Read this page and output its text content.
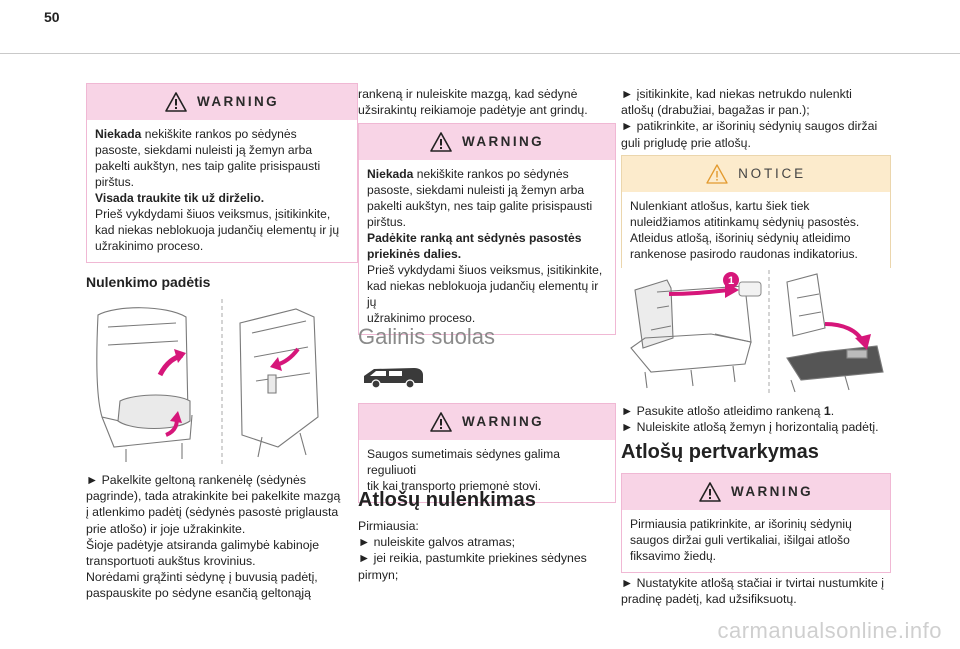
50
WARNING
Niekada nekiškite rankos po sėdynės
pasoste, siekdami nuleisti ją žemyn arba
pakelti aukštyn, nes taip galite prisispausti
pirštus.
Visada traukite tik už dirželio.
Prieš vykdydami šiuos veiksmus, įsitikinkite,
kad niekas neblokuoja judančių elementų ir jų
užrakinimo proceso.
Nulenkimo padėtis
► Pakelkite geltoną rankenėlę (sėdynės
pagrinde), tada atrakinkite bei pakelkite mazgą
į atlenkimo padėtį (sėdynės pasostė priglausta
prie atlošo) ir joje užrakinkite.
Šioje padėtyje atsiranda galimybė kabinoje
transportuoti aukštus krovinius.
Norėdami grąžinti sėdynę į buvusią padėtį,
paspauskite po sėdyne esančią geltonąją
rankeną ir nuleiskite mazgą, kad sėdynė
užsirakintų reikiamoje padėtyje ant grindų.
WARNING
Niekada nekiškite rankos po sėdynės
pasoste, siekdami nuleisti ją žemyn arba
pakelti aukštyn, nes taip galite prisispausti
pirštus.
Padėkite ranką ant sėdynės pasostės
priekinės dalies.
Prieš vykdydami šiuos veiksmus, įsitikinkite,
kad niekas neblokuoja judančių elementų ir jų
užrakinimo proceso.
Galinis suolas
WARNING
Saugos sumetimais sėdynes galima reguliuoti
tik kai transporto priemonė stovi.
Atlošų nulenkimas
Pirmiausia:
► nuleiskite galvos atramas;
► jei reikia, pastumkite priekines sėdynes
pirmyn;
► įsitikinkite, kad niekas netrukdo nulenkti
atlošų (drabužiai, bagažas ir pan.);
► patikrinkite, ar išorinių sėdynių saugos diržai
guli prigludę prie atlošų.
NOTICE
Nulenkiant atlošus, kartu šiek tiek
nuleidžiamos atitinkamų sėdynių pasostės.
Atleidus atlošą, išorinių sėdynių atleidimo
rankenose pasirodo raudonas indikatorius.
1
► Pasukite atlošo atleidimo rankeną 1.
► Nuleiskite atlošą žemyn į horizontalią padėtį.
Atlošų pertvarkymas
WARNING
Pirmiausia patikrinkite, ar išorinių sėdynių
saugos diržai guli vertikaliai, išilgai atlošo
fiksavimo žiedų.
► Nustatykite atlošą stačiai ir tvirtai nustumkite į
pradinę padėtį, kad užsifiksuotų.
carmanualsonline.info
